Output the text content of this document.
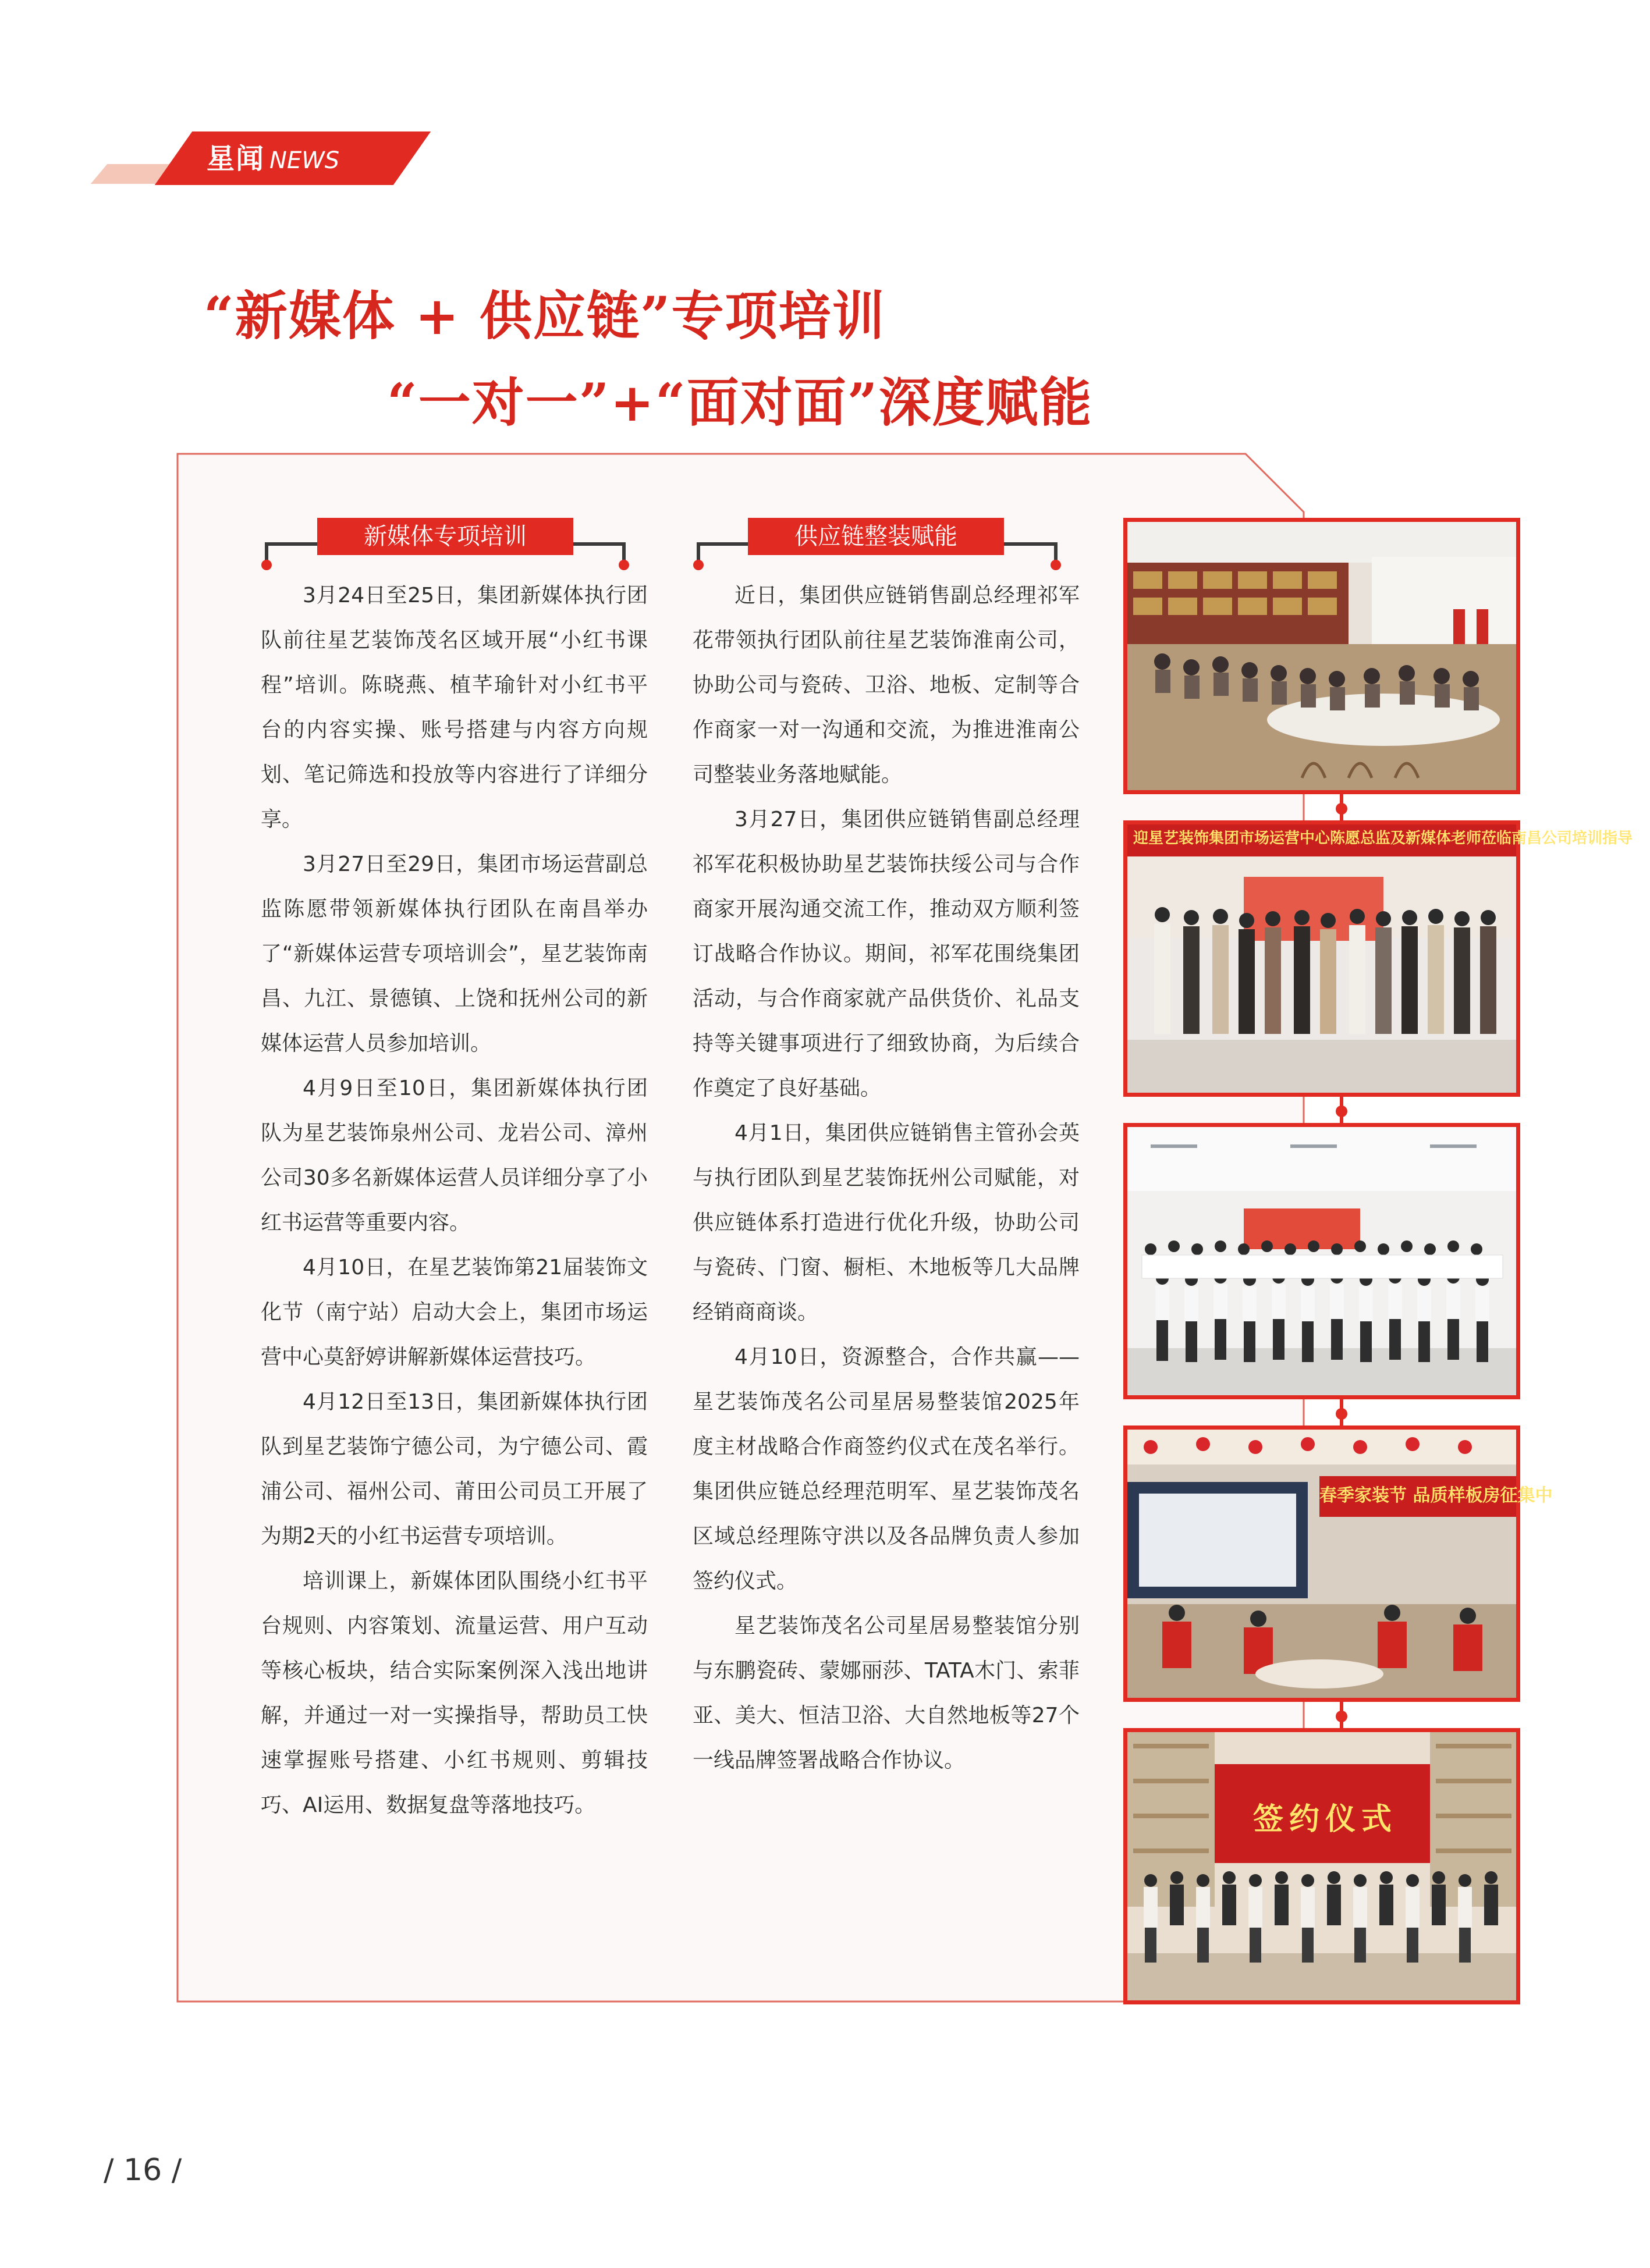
星闻 NEWS
“新媒体 + 供应链”专项培训
“一对一”+“面对面”深度赋能
新媒体专项培训	供应链整装赋能

3月24日至25日，集团新媒体执行团队前往星艺装饰茂名区域开展“小红书课程”培训。陈晓燕、植芊瑜针对小红书平台的内容实操、账号搭建与内容方向规划、笔记筛选和投放等内容进行了详细分享。

3月27日至29日，集团市场运营副总监陈愿带领新媒体执行团队在南昌举办了“新媒体运营专项培训会”，星艺装饰南昌、九江、景德镇、上饶和抚州公司的新媒体运营人员参加培训。

4月9日至10日，集团新媒体执行团队为星艺装饰泉州公司、龙岩公司、漳州公司30多名新媒体运营人员详细分享了小红书运营等重要内容。

4月10日，在星艺装饰第21届装饰文化节（南宁站）启动大会上，集团市场运营中心莫舒婷讲解新媒体运营技巧。

4月12日至13日，集团新媒体执行团队到星艺装饰宁德公司，为宁德公司、霞浦公司、福州公司、莆田公司员工开展了为期2天的小红书运营专项培训。

培训课上，新媒体团队围绕小红书平台规则、内容策划、流量运营、用户互动等核心板块，结合实际案例深入浅出地讲解，并通过一对一实操指导，帮助员工快速掌握账号搭建、小红书规则、剪辑技巧、AI运用、数据复盘等落地技巧。

近日，集团供应链销售副总经理祁军花带领执行团队前往星艺装饰淮南公司，协助公司与瓷砖、卫浴、地板、定制等合作商家一对一沟通和交流，为推进淮南公司整装业务落地赋能。

3月27日，集团供应链销售副总经理祁军花积极协助星艺装饰扶绥公司与合作商家开展沟通交流工作，推动双方顺利签订战略合作协议。期间，祁军花围绕集团活动，与合作商家就产品供货价、礼品支持等关键事项进行了细致协商，为后续合作奠定了良好基础。

4月1日，集团供应链销售主管孙会英与执行团队到星艺装饰抚州公司赋能，对供应链体系打造进行优化升级，协助公司与瓷砖、门窗、橱柜、木地板等几大品牌经销商商谈。

4月10日，资源整合，合作共赢——星艺装饰茂名公司星居易整装馆2025年度主材战略合作商签约仪式在茂名举行。集团供应链总经理范明军、星艺装饰茂名区域总经理陈守洪以及各品牌负责人参加签约仪式。

星艺装饰茂名公司星居易整装馆分别与东鹏瓷砖、蒙娜丽莎、TATA木门、索菲亚、美大、恒洁卫浴、大自然地板等27个一线品牌签署战略合作协议。

迎星艺装饰集团市场运营中心陈愿总监及新媒体老师莅临南昌公司培训指导
春季家装节 品质样板房征集中
签约仪式
/ 16 /
